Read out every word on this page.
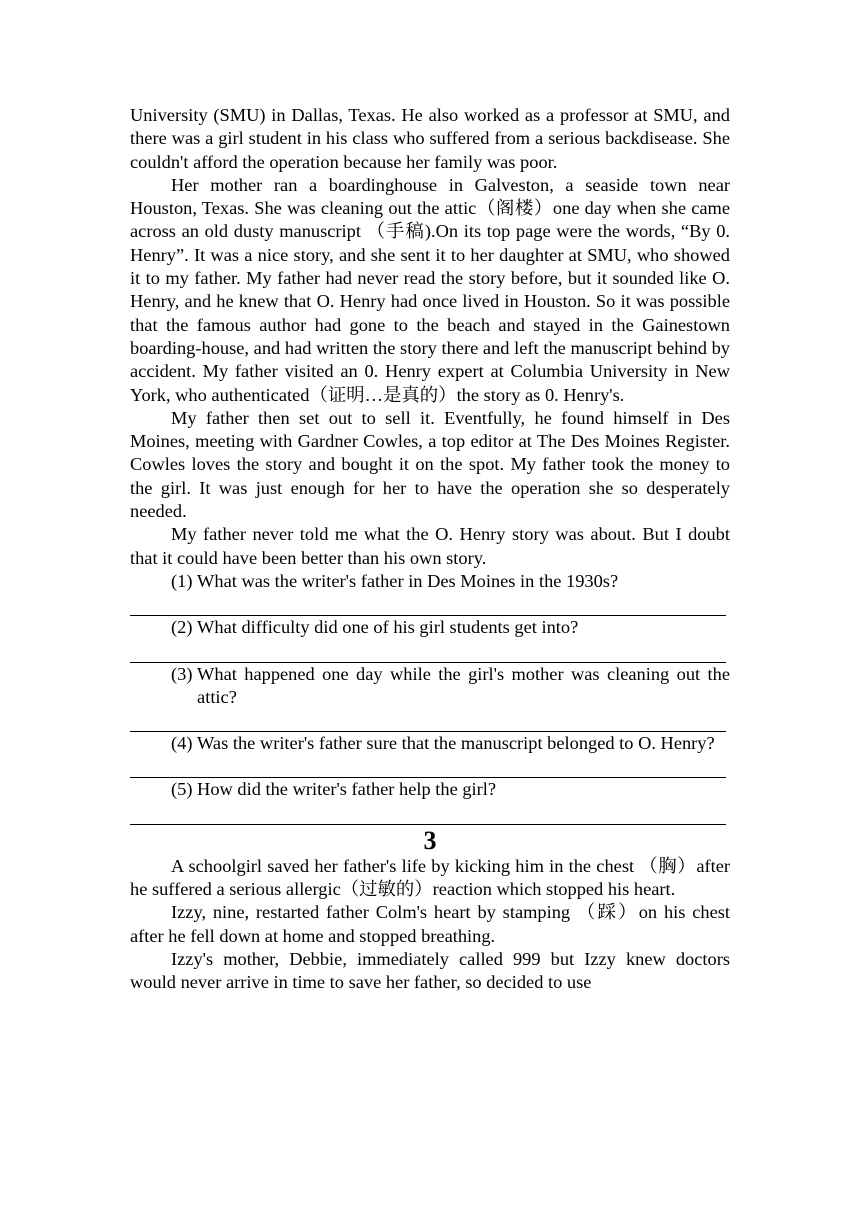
University (SMU) in Dallas, Texas. He also worked as a professor at SMU, and there was a girl student in his class who suffered from a serious backdisease. She couldn't afford the operation because her family was poor.

Her mother ran a boardinghouse in Galveston, a seaside town near Houston, Texas. She was cleaning out the attic（阁楼）one day when she came across an old dusty manuscript （手稿).On its top page were the words, “By 0. Henry”. It was a nice story, and she sent it to her daughter at SMU, who showed it to my father. My father had never read the story before, but it sounded like O. Henry, and he knew that O. Henry had once lived in Houston. So it was possible that the famous author had gone to the beach and stayed in the Gainestown boarding-house, and had written the story there and left the manuscript behind by accident. My father visited an 0. Henry expert at Columbia University in New York, who authenticated（证明…是真的）the story as 0. Henry's.

My father then set out to sell it. Eventfully, he found himself in Des Moines, meeting with Gardner Cowles, a top editor at The Des Moines Register. Cowles loves the story and bought it on the spot. My father took the money to the girl. It was just enough for her to have the operation she so desperately needed.

My father never told me what the O. Henry story was about. But I doubt that it could have been better than his own story.

(1) What was the writer's father in Des Moines in the 1930s?
(2) What difficulty did one of his girl students get into?
(3) What happened one day while the girl's mother was cleaning out the attic?
(4) Was the writer's father sure that the manuscript belonged to O. Henry?
(5) How did the writer's father help the girl?
3

A schoolgirl saved her father's life by kicking him in the chest （胸）after he suffered a serious allergic（过敏的）reaction which stopped his heart.

Izzy, nine, restarted father Colm's heart by stamping （踩）on his chest after he fell down at home and stopped breathing.

Izzy's mother, Debbie, immediately called 999 but Izzy knew doctors would never arrive in time to save her father, so decided to use
